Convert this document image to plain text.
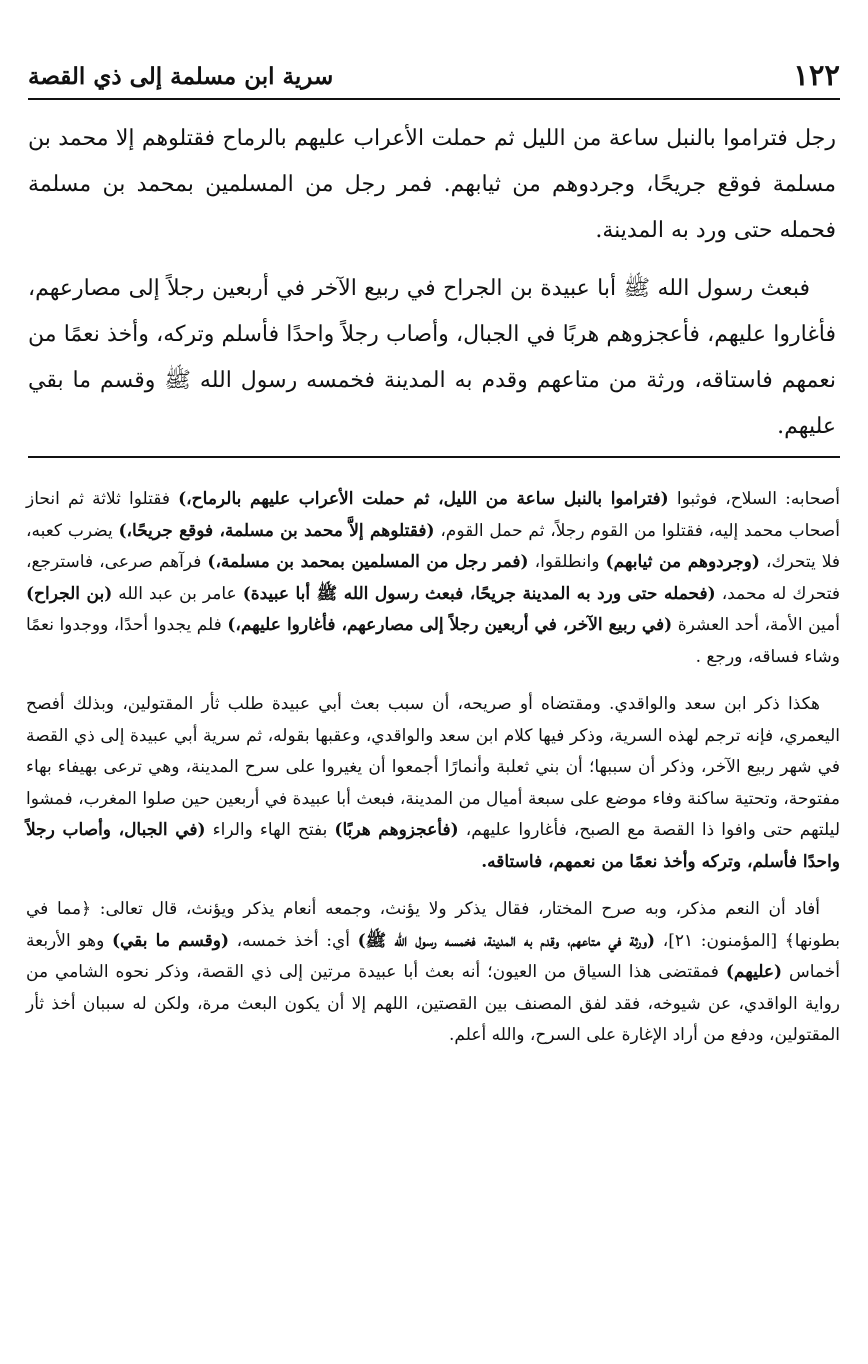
١٢٢
سرية ابن مسلمة إلى ذي القصة

رجل فتراموا بالنبل ساعة من الليل ثم حملت الأعراب عليهم بالرماح فقتلوهم إلا محمد بن مسلمة فوقع جريحًا، وجردوهم من ثيابهم. فمر رجل من المسلمين بمحمد بن مسلمة فحمله حتى ورد به المدينة.

فبعث رسول الله ﷺ أبا عبيدة بن الجراح في ربيع الآخر في أربعين رجلاً إلى مصارعهم، فأغاروا عليهم، فأعجزوهم هربًا في الجبال، وأصاب رجلاً واحدًا فأسلم وتركه، وأخذ نعمًا من نعمهم فاستاقه، ورثة من متاعهم وقدم به المدينة فخمسه رسول الله ﷺ وقسم ما بقي عليهم.

أصحابه: السلاح، فوثبوا (فتراموا بالنبل ساعة من الليل، ثم حملت الأعراب عليهم بالرماح،) فقتلوا ثلاثة ثم انحاز أصحاب محمد إليه، فقتلوا من القوم رجلاً، ثم حمل القوم، (فقتلوهم إلاَّ محمد بن مسلمة، فوقع جريحًا،) يضرب كعبه، فلا يتحرك، (وجردوهم من ثيابهم) وانطلقوا، (فمر رجل من المسلمين بمحمد بن مسلمة،) فرآهم صرعى، فاسترجع، فتحرك له محمد، (فحمله حتى ورد به المدينة جريحًا، فبعث رسول الله ﷺ أبا عبيدة) عامر بن عبد الله (بن الجراح) أمين الأمة، أحد العشرة (في ربيع الآخر، في أربعين رجلاً إلى مصارعهم، فأغاروا عليهم،) فلم يجدوا أحدًا، ووجدوا نعمًا وشاء فساقه، ورجع .

هكذا ذكر ابن سعد والواقدي. ومقتضاه أو صريحه، أن سبب بعث أبي عبيدة طلب ثأر المقتولين، وبذلك أفصح اليعمري، فإنه ترجم لهذه السرية، وذكر فيها كلام ابن سعد والواقدي، وعقبها بقوله، ثم سرية أبي عبيدة إلى ذي القصة في شهر ربيع الآخر، وذكر أن سببها؛ أن بني ثعلبة وأنمارًا أجمعوا أن يغيروا على سرح المدينة، وهي ترعى بهيفاء بهاء مفتوحة، وتحتية ساكنة وفاء موضع على سبعة أميال من المدينة، فبعث أبا عبيدة في أربعين حين صلوا المغرب، فمشوا ليلتهم حتى وافوا ذا القصة مع الصبح، فأغاروا عليهم، (فأعجزوهم هربًا) بفتح الهاء والراء (في الجبال، وأصاب رجلاً واحدًا فأسلم، وتركه وأخذ نعمًا من نعمهم، فاستاقه.

أفاد أن النعم مذكر، وبه صرح المختار، فقال يذكر ولا يؤنث، وجمعه أنعام يذكر ويؤنث، قال تعالى: ﴿مما في بطونها﴾ [المؤمنون: ٢١]، (ورثة في متاعهم، وقدم به المدينة، فخمسه رسول الله ﷺ) أي: أخذ خمسه، (وقسم ما بقي) وهو الأربعة أخماس (عليهم) فمقتضى هذا السياق من العيون؛ أنه بعث أبا عبيدة مرتين إلى ذي القصة، وذكر نحوه الشامي من رواية الواقدي، عن شيوخه، فقد لفق المصنف بين القصتين، اللهم إلا أن يكون البعث مرة، ولكن له سببان أخذ ثأر المقتولين، ودفع من أراد الإغارة على السرح، والله أعلم.
